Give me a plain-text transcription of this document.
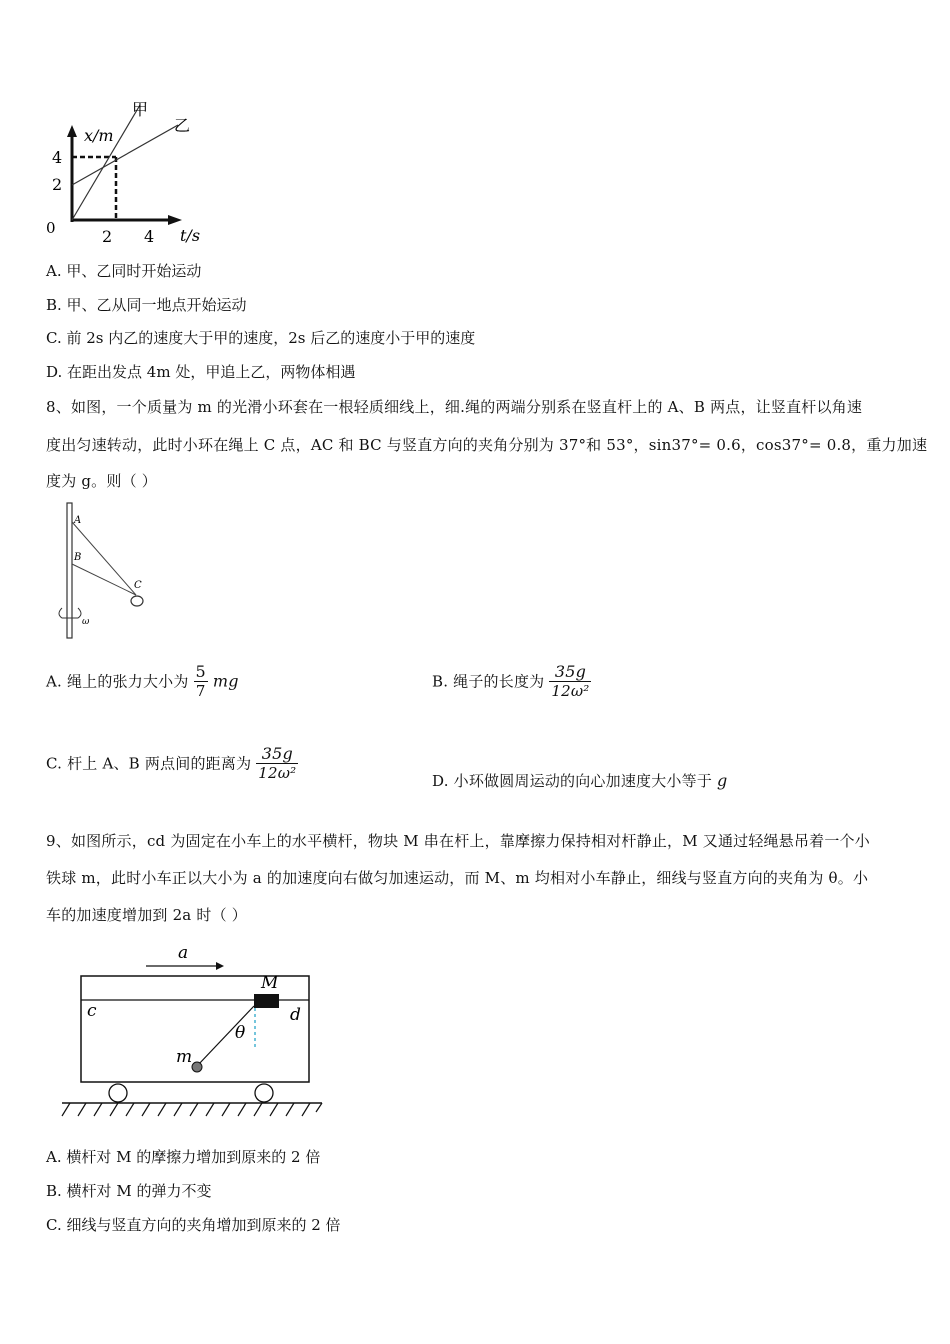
x/m
t/s
0
4
2
2 4
甲
乙
A. 甲、乙同时开始运动
B. 甲、乙从同一地点开始运动
C. 前 2s 内乙的速度大于甲的速度，2s 后乙的速度小于甲的速度
D. 在距出发点 4m 处，甲追上乙，两物体相遇
8、如图，一个质量为 m 的光滑小环套在一根轻质细线上，细.绳的两端分别系在竖直杆上的 A、B 两点，让竖直杆以角速
度出匀速转动，此时小环在绳上 C 点，AC 和 BC 与竖直方向的夹角分别为 37°和 53°，sin37°= 0.6，cos37°= 0.8，重力加速
度为 g。则（ ）
A
B
C
ω
A. 绳上的张力大小为 $\frac{5}{7}$ mg	B. 绳子的长度为 $\frac{35g}{\text{12ω²}}$
C. 杆上 A、B 两点间的距离为 $\frac{35g}{\text{12ω²}}$	D. 小环做圆周运动的向心加速度大小等于 g
9、如图所示，cd 为固定在小车上的水平横杆，物块 M 串在杆上，靠摩擦力保持相对杆静止，M 又通过轻绳悬吊着一个小
铁球 m，此时小车正以大小为 a 的加速度向右做匀加速运动，而 M、m 均相对小车静止，细线与竖直方向的夹角为 θ。小
车的加速度增加到 2a 时（ ）
a
M
c	d
m
θ
A. 横杆对 M 的摩擦力增加到原来的 2 倍
B. 横杆对 M 的弹力不变
C. 细线与竖直方向的夹角增加到原来的 2 倍
